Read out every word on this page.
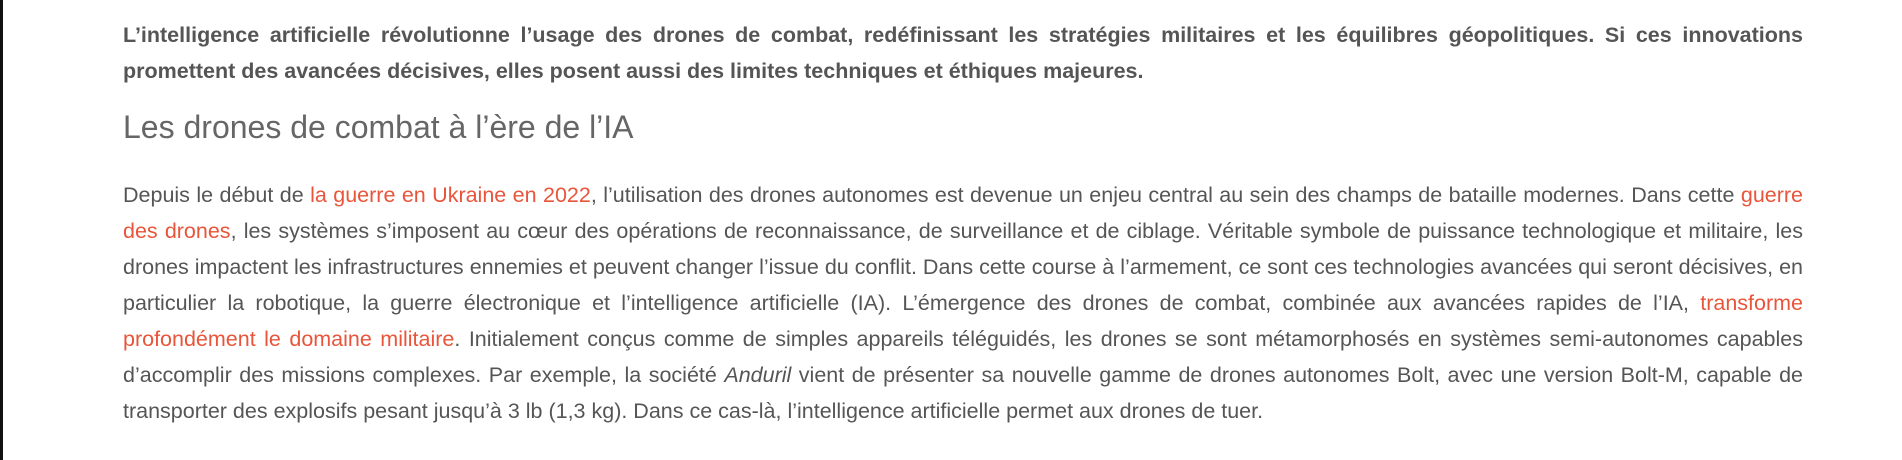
L’intelligence artificielle révolutionne l’usage des drones de combat, redéfinissant les stratégies militaires et les équilibres géopolitiques. Si ces innovations promettent des avancées décisives, elles posent aussi des limites techniques et éthiques majeures.

Les drones de combat à l’ère de l’IA

Depuis le début de la guerre en Ukraine en 2022, l’utilisation des drones autonomes est devenue un enjeu central au sein des champs de bataille modernes. Dans cette guerre des drones, les systèmes s’imposent au cœur des opérations de reconnaissance, de surveillance et de ciblage. Véritable symbole de puissance technologique et militaire, les drones impactent les infrastructures ennemies et peuvent changer l’issue du conflit. Dans cette course à l’armement, ce sont ces technologies avancées qui seront décisives, en particulier la robotique, la guerre électronique et l’intelligence artificielle (IA). L’émergence des drones de combat, combinée aux avancées rapides de l’IA, transforme profondément le domaine militaire. Initialement conçus comme de simples appareils téléguidés, les drones se sont métamorphosés en systèmes semi-autonomes capables d’accomplir des missions complexes. Par exemple, la société Anduril vient de présenter sa nouvelle gamme de drones autonomes Bolt, avec une version Bolt-M, capable de transporter des explosifs pesant jusqu’à 3 lb (1,3 kg). Dans ce cas-là, l’intelligence artificielle permet aux drones de tuer.
